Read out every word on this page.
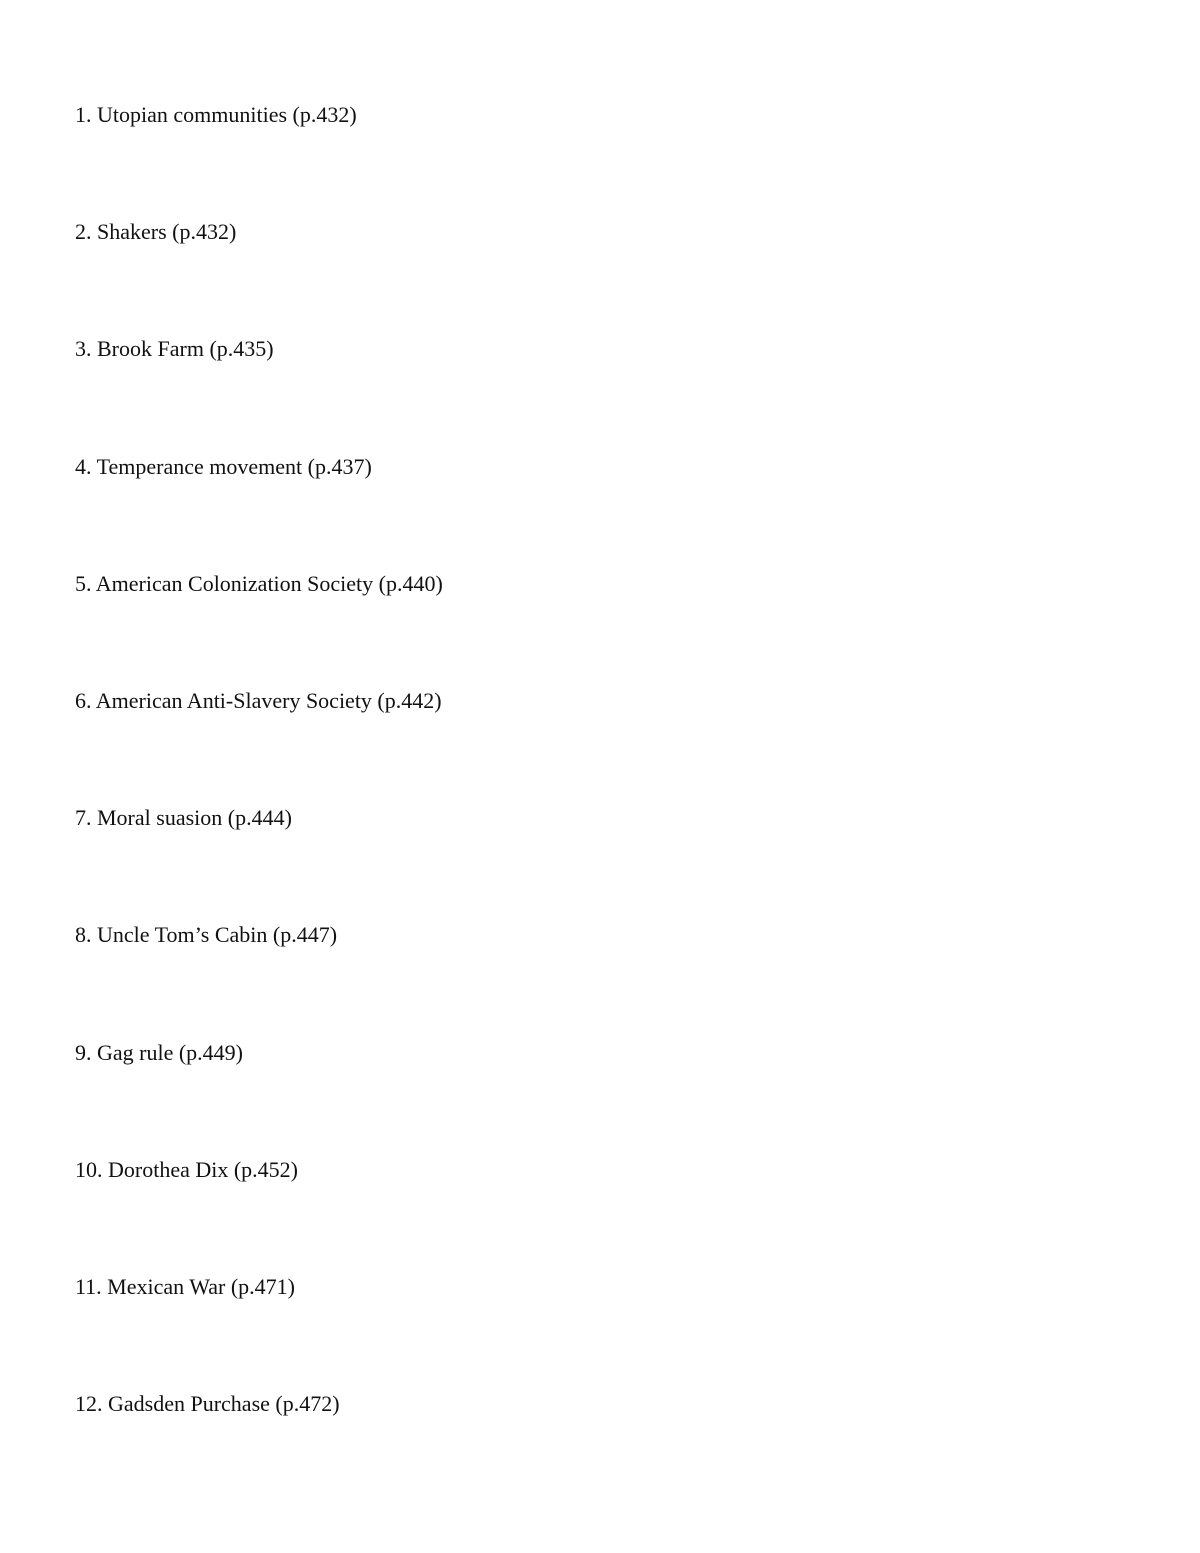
1. Utopian communities (p.432)
2. Shakers (p.432)
3. Brook Farm (p.435)
4. Temperance movement (p.437)
5. American Colonization Society (p.440)
6. American Anti-Slavery Society (p.442)
7. Moral suasion (p.444)
8. Uncle Tom’s Cabin (p.447)
9. Gag rule (p.449)
10. Dorothea Dix (p.452)
11. Mexican War (p.471)
12. Gadsden Purchase (p.472)
